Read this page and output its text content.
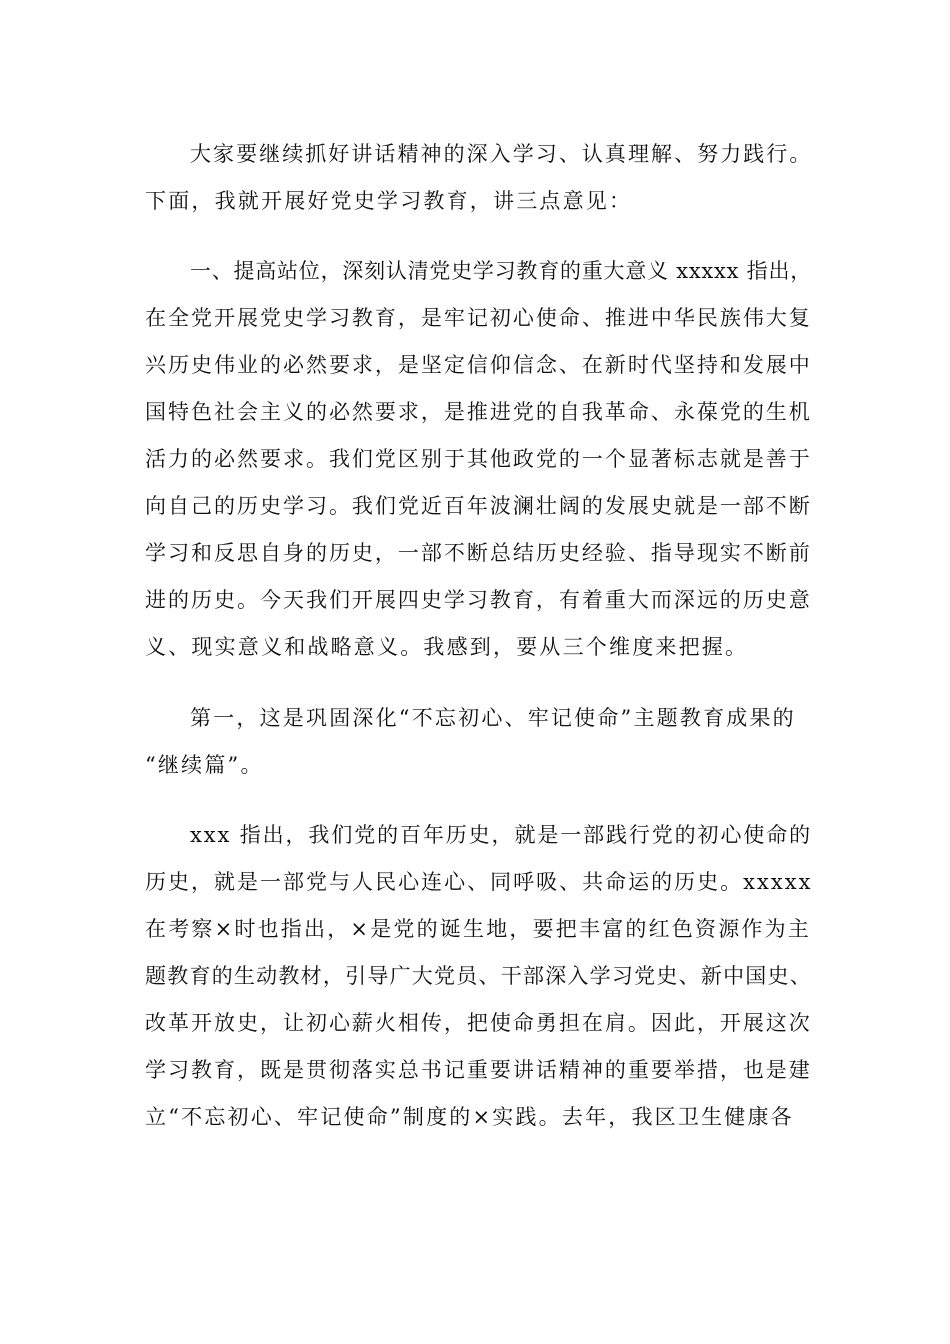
大家要继续抓好讲话精神的深入学习、认真理解、努力践行。
下面，我就开展好党史学习教育，讲三点意见：
一、提高站位，深刻认清党史学习教育的重大意义 xxxxx 指出，
在全党开展党史学习教育，是牢记初心使命、推进中华民族伟大复
兴历史伟业的必然要求，是坚定信仰信念、在新时代坚持和发展中
国特色社会主义的必然要求，是推进党的自我革命、永葆党的生机
活力的必然要求。我们党区别于其他政党的一个显著标志就是善于
向自己的历史学习。我们党近百年波澜壮阔的发展史就是一部不断
学习和反思自身的历史，一部不断总结历史经验、指导现实不断前
进的历史。今天我们开展四史学习教育，有着重大而深远的历史意
义、现实意义和战略意义。我感到，要从三个维度来把握。
第一，这是巩固深化“不忘初心、牢记使命”主题教育成果的
“继续篇”。
xxx 指出，我们党的百年历史，就是一部践行党的初心使命的
历史，就是一部党与人民心连心、同呼吸、共命运的历史。xxxxx
在考察×时也指出，×是党的诞生地，要把丰富的红色资源作为主
题教育的生动教材，引导广大党员、干部深入学习党史、新中国史、
改革开放史，让初心薪火相传，把使命勇担在肩。因此，开展这次
学习教育，既是贯彻落实总书记重要讲话精神的重要举措，也是建
立“不忘初心、牢记使命”制度的×实践。去年，我区卫生健康各
